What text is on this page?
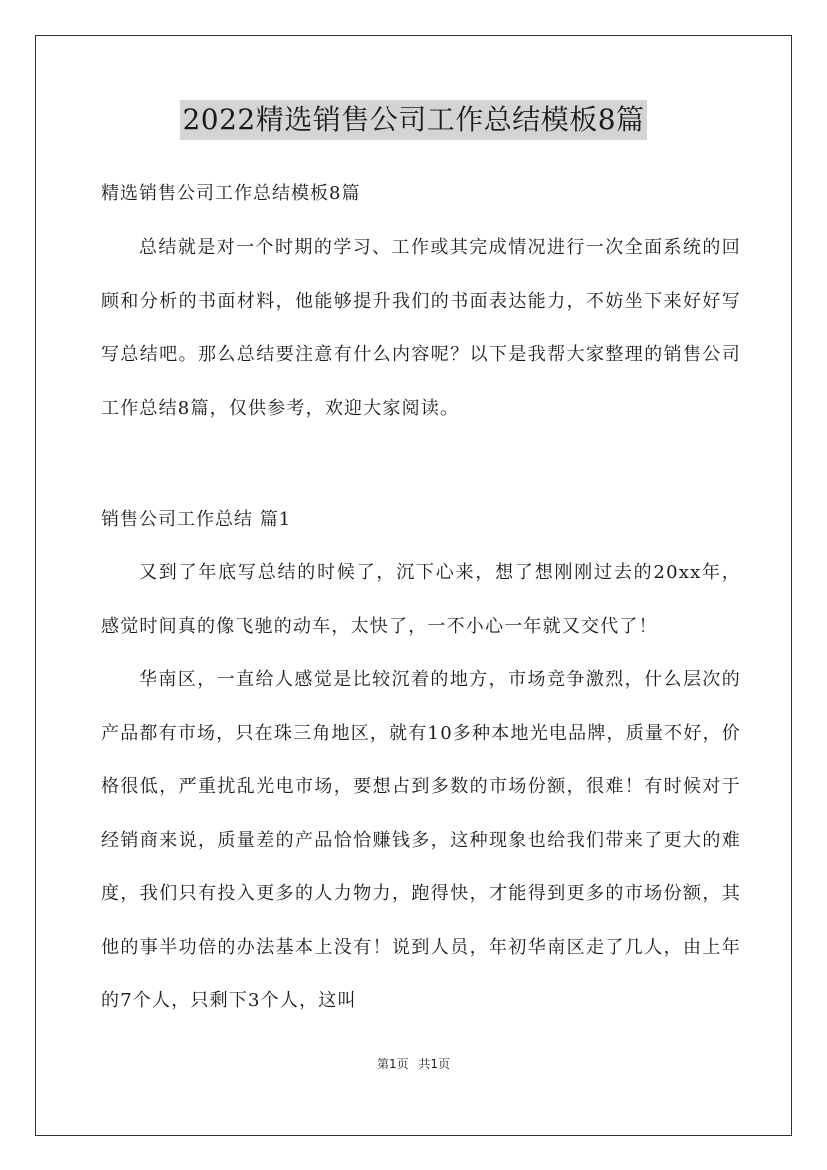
2022精选销售公司工作总结模板8篇
精选销售公司工作总结模板8篇

总结就是对一个时期的学习、工作或其完成情况进行一次全面系统的回顾和分析的书面材料，他能够提升我们的书面表达能力，不妨坐下来好好写写总结吧。那么总结要注意有什么内容呢？以下是我帮大家整理的销售公司工作总结8篇，仅供参考，欢迎大家阅读。

销售公司工作总结 篇1

又到了年底写总结的时候了，沉下心来，想了想刚刚过去的20xx年，感觉时间真的像飞驰的动车，太快了，一不小心一年就又交代了！

华南区，一直给人感觉是比较沉着的地方，市场竞争激烈，什么层次的产品都有市场，只在珠三角地区，就有10多种本地光电品牌，质量不好，价格很低，严重扰乱光电市场，要想占到多数的市场份额，很难！有时候对于经销商来说，质量差的产品恰恰赚钱多，这种现象也给我们带来了更大的难度，我们只有投入更多的人力物力，跑得快，才能得到更多的市场份额，其他的事半功倍的办法基本上没有！说到人员，年初华南区走了几人，由上年的7个人，只剩下3个人，这叫

第1页 共1页
